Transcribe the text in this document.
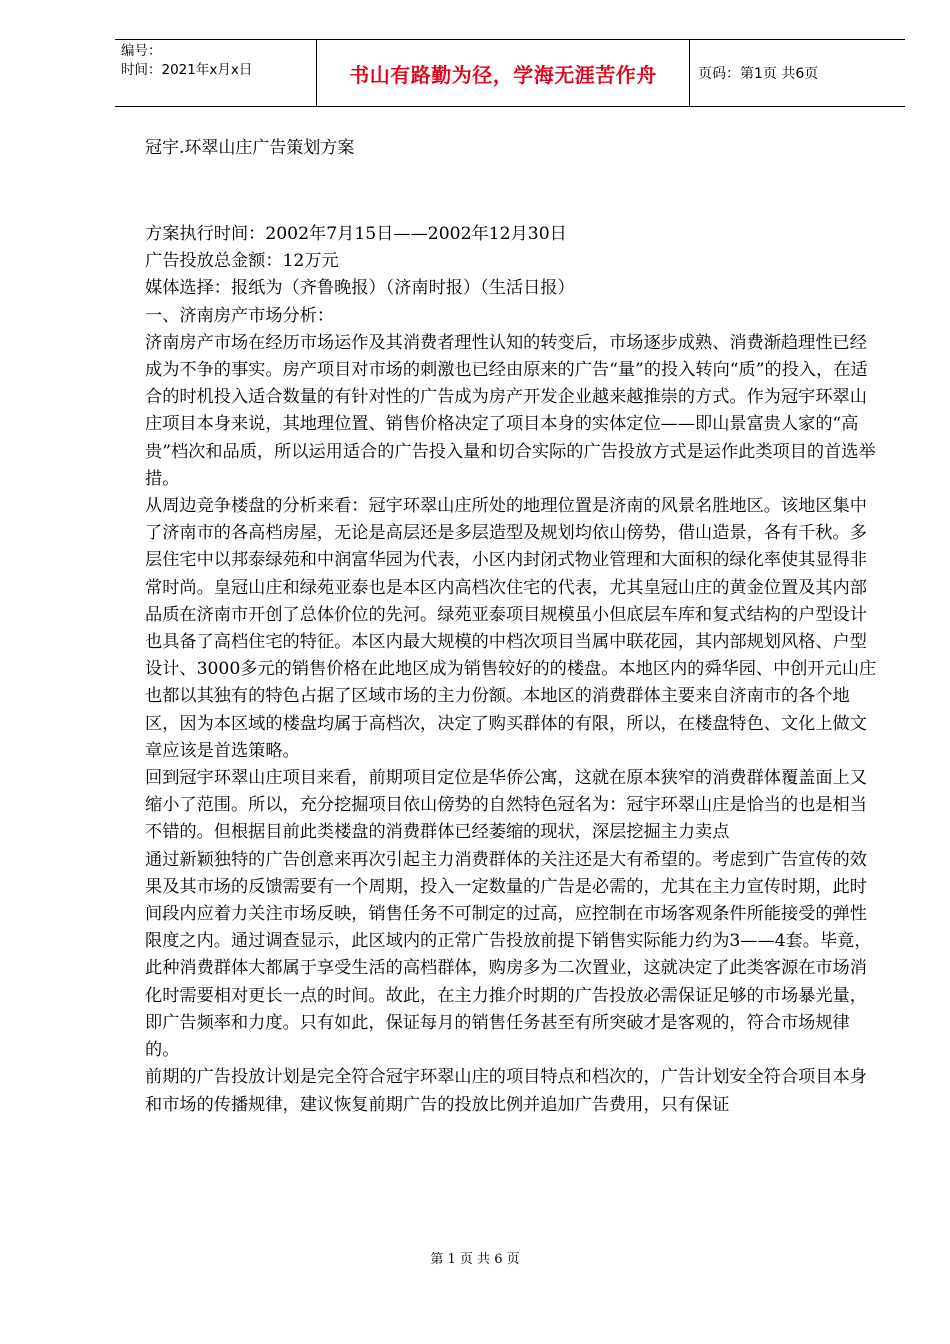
编号：
时间：2021年x月x日	书山有路勤为径，学海无涯苦作舟	页码：第1页 共6页
冠宇.环翠山庄广告策划方案

方案执行时间：2002年7月15日——2002年12月30日

广告投放总金额：12万元

媒体选择：报纸为（齐鲁晚报）（济南时报）（生活日报）

一、济南房产市场分析：

济南房产市场在经历市场运作及其消费者理性认知的转变后，市场逐步成熟、消费渐趋理性已经成为不争的事实。房产项目对市场的刺激也已经由原来的广告“量”的投入转向“质”的投入，在适合的时机投入适合数量的有针对性的广告成为房产开发企业越来越推崇的方式。作为冠宇环翠山庄项目本身来说，其地理位置、销售价格决定了项目本身的实体定位——即山景富贵人家的“高贵”档次和品质，所以运用适合的广告投入量和切合实际的广告投放方式是运作此类项目的首选举措。

从周边竞争楼盘的分析来看：冠宇环翠山庄所处的地理位置是济南的风景名胜地区。该地区集中了济南市的各高档房屋，无论是高层还是多层造型及规划均依山傍势，借山造景，各有千秋。多层住宅中以邦泰绿苑和中润富华园为代表，小区内封闭式物业管理和大面积的绿化率使其显得非常时尚。皇冠山庄和绿苑亚泰也是本区内高档次住宅的代表，尤其皇冠山庄的黄金位置及其内部品质在济南市开创了总体价位的先河。绿苑亚泰项目规模虽小但底层车库和复式结构的户型设计也具备了高档住宅的特征。本区内最大规模的中档次项目当属中联花园，其内部规划风格、户型设计、3000多元的销售价格在此地区成为销售较好的的楼盘。本地区内的舜华园、中创开元山庄也都以其独有的特色占据了区域市场的主力份额。本地区的消费群体主要来自济南市的各个地区，因为本区域的楼盘均属于高档次，决定了购买群体的有限，所以，在楼盘特色、文化上做文章应该是首选策略。

回到冠宇环翠山庄项目来看，前期项目定位是华侨公寓，这就在原本狭窄的消费群体覆盖面上又缩小了范围。所以，充分挖掘项目依山傍势的自然特色冠名为：冠宇环翠山庄是恰当的也是相当不错的。但根据目前此类楼盘的消费群体已经萎缩的现状，深层挖掘主力卖点

通过新颖独特的广告创意来再次引起主力消费群体的关注还是大有希望的。考虑到广告宣传的效果及其市场的反馈需要有一个周期，投入一定数量的广告是必需的，尤其在主力宣传时期，此时间段内应着力关注市场反映，销售任务不可制定的过高，应控制在市场客观条件所能接受的弹性限度之内。通过调查显示，此区域内的正常广告投放前提下销售实际能力约为3——4套。毕竟，此种消费群体大都属于享受生活的高档群体，购房多为二次置业，这就决定了此类客源在市场消化时需要相对更长一点的时间。故此，在主力推介时期的广告投放必需保证足够的市场暴光量，即广告频率和力度。只有如此，保证每月的销售任务甚至有所突破才是客观的，符合市场规律的。

前期的广告投放计划是完全符合冠宇环翠山庄的项目特点和档次的，广告计划安全符合项目本身和市场的传播规律，建议恢复前期广告的投放比例并追加广告费用，只有保证

第 1 页 共 6 页
